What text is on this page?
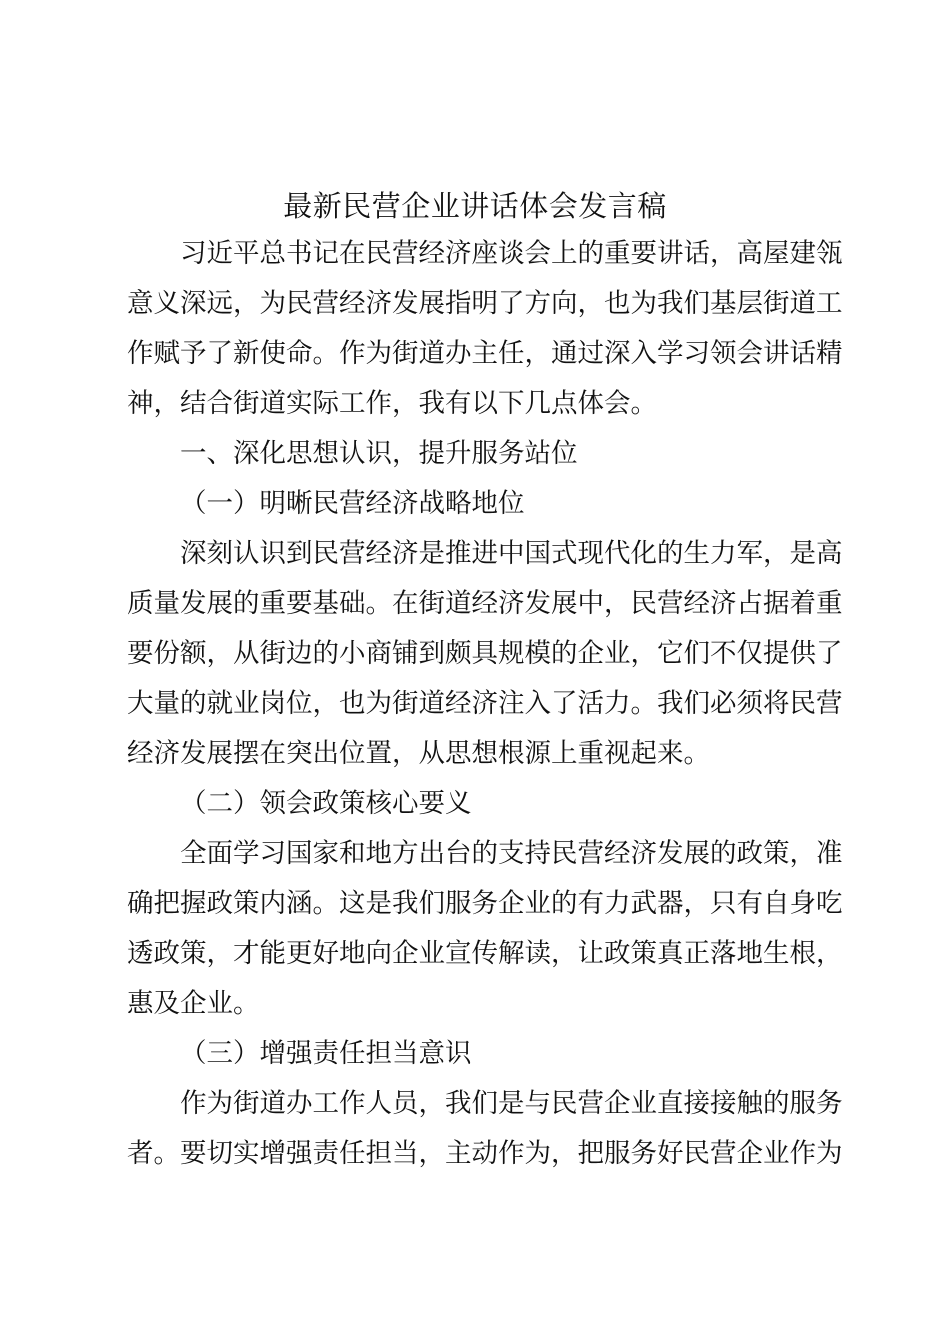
最新民营企业讲话体会发言稿
习近平总书记在民营经济座谈会上的重要讲话，高屋建瓴
意义深远，为民营经济发展指明了方向，也为我们基层街道工
作赋予了新使命。作为街道办主任，通过深入学习领会讲话精
神，结合街道实际工作，我有以下几点体会。
一、深化思想认识，提升服务站位
（一）明晰民营经济战略地位
深刻认识到民营经济是推进中国式现代化的生力军，是高
质量发展的重要基础。在街道经济发展中，民营经济占据着重
要份额，从街边的小商铺到颇具规模的企业，它们不仅提供了
大量的就业岗位，也为街道经济注入了活力。我们必须将民营
经济发展摆在突出位置，从思想根源上重视起来。
（二）领会政策核心要义
全面学习国家和地方出台的支持民营经济发展的政策，准
确把握政策内涵。这是我们服务企业的有力武器，只有自身吃
透政策，才能更好地向企业宣传解读，让政策真正落地生根，
惠及企业。
（三）增强责任担当意识
作为街道办工作人员，我们是与民营企业直接接触的服务
者。要切实增强责任担当，主动作为，把服务好民营企业作为
